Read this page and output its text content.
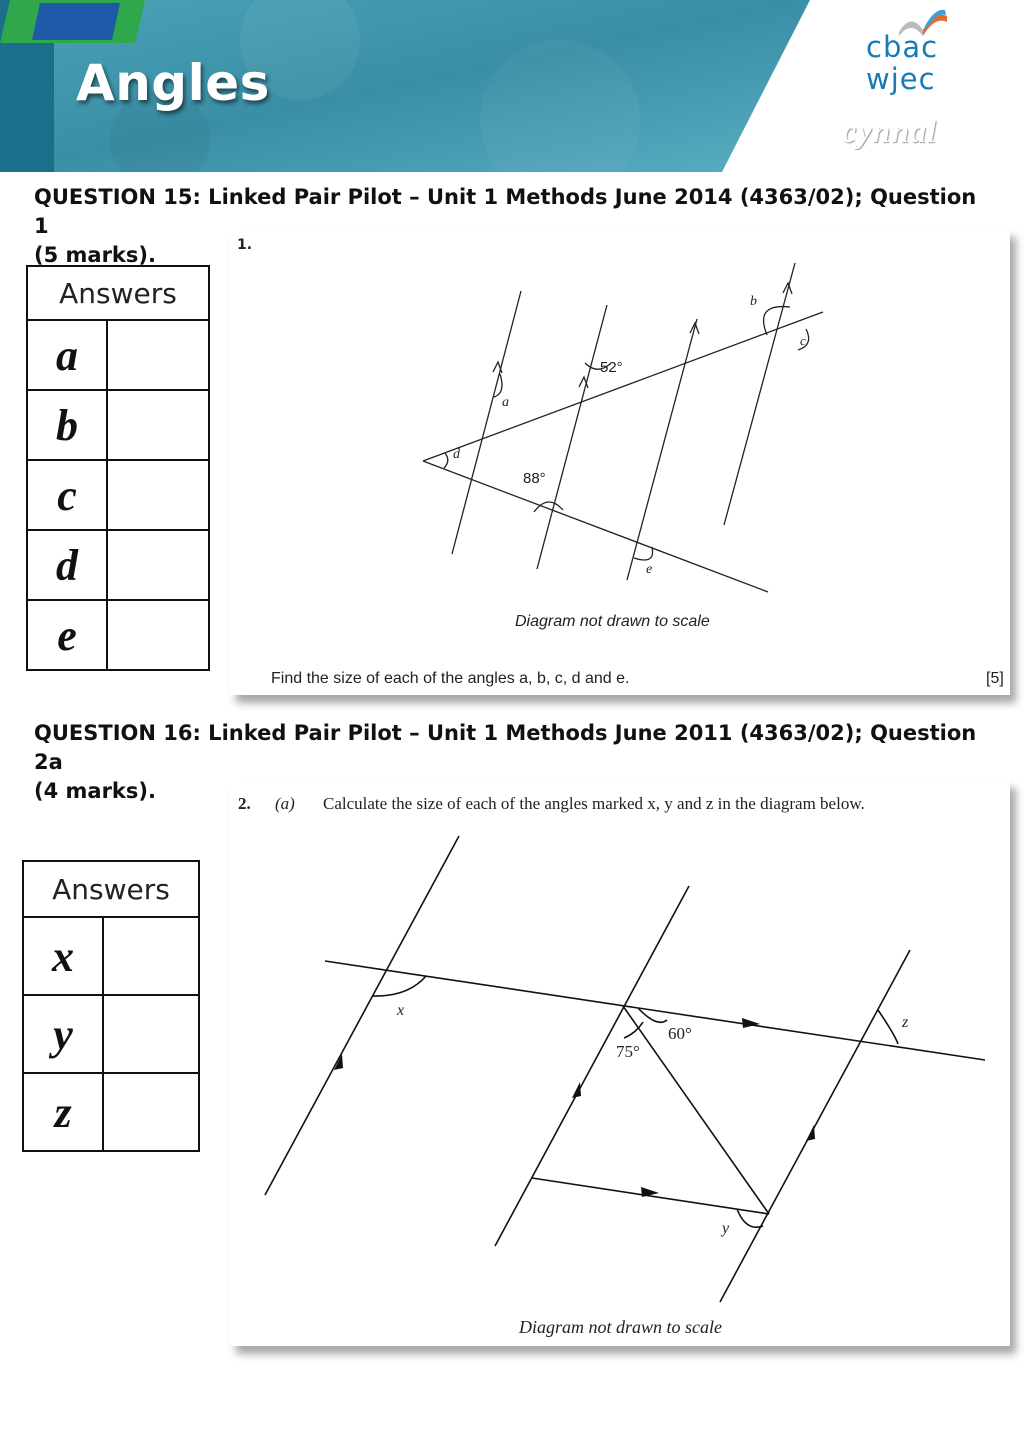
Angles
cbac
wjec
cynnal
QUESTION 15: Linked Pair Pilot – Unit 1 Methods June 2014 (4363/02); Question 1
(5 marks).
Answers	
a	
b	
c	
d	
e	
1.
a
b
c
d
e
52°
88°
Diagram not drawn to scale
Find the size of each of the angles a, b, c, d and e.	[5]
QUESTION 16: Linked Pair Pilot – Unit 1 Methods June 2011 (4363/02); Question 2a
(4 marks).
Answers	
x	
y	
z	
2. (a) Calculate the size of each of the angles marked x, y and z in the diagram below.
x
y
z
60°
75°
Diagram not drawn to scale
